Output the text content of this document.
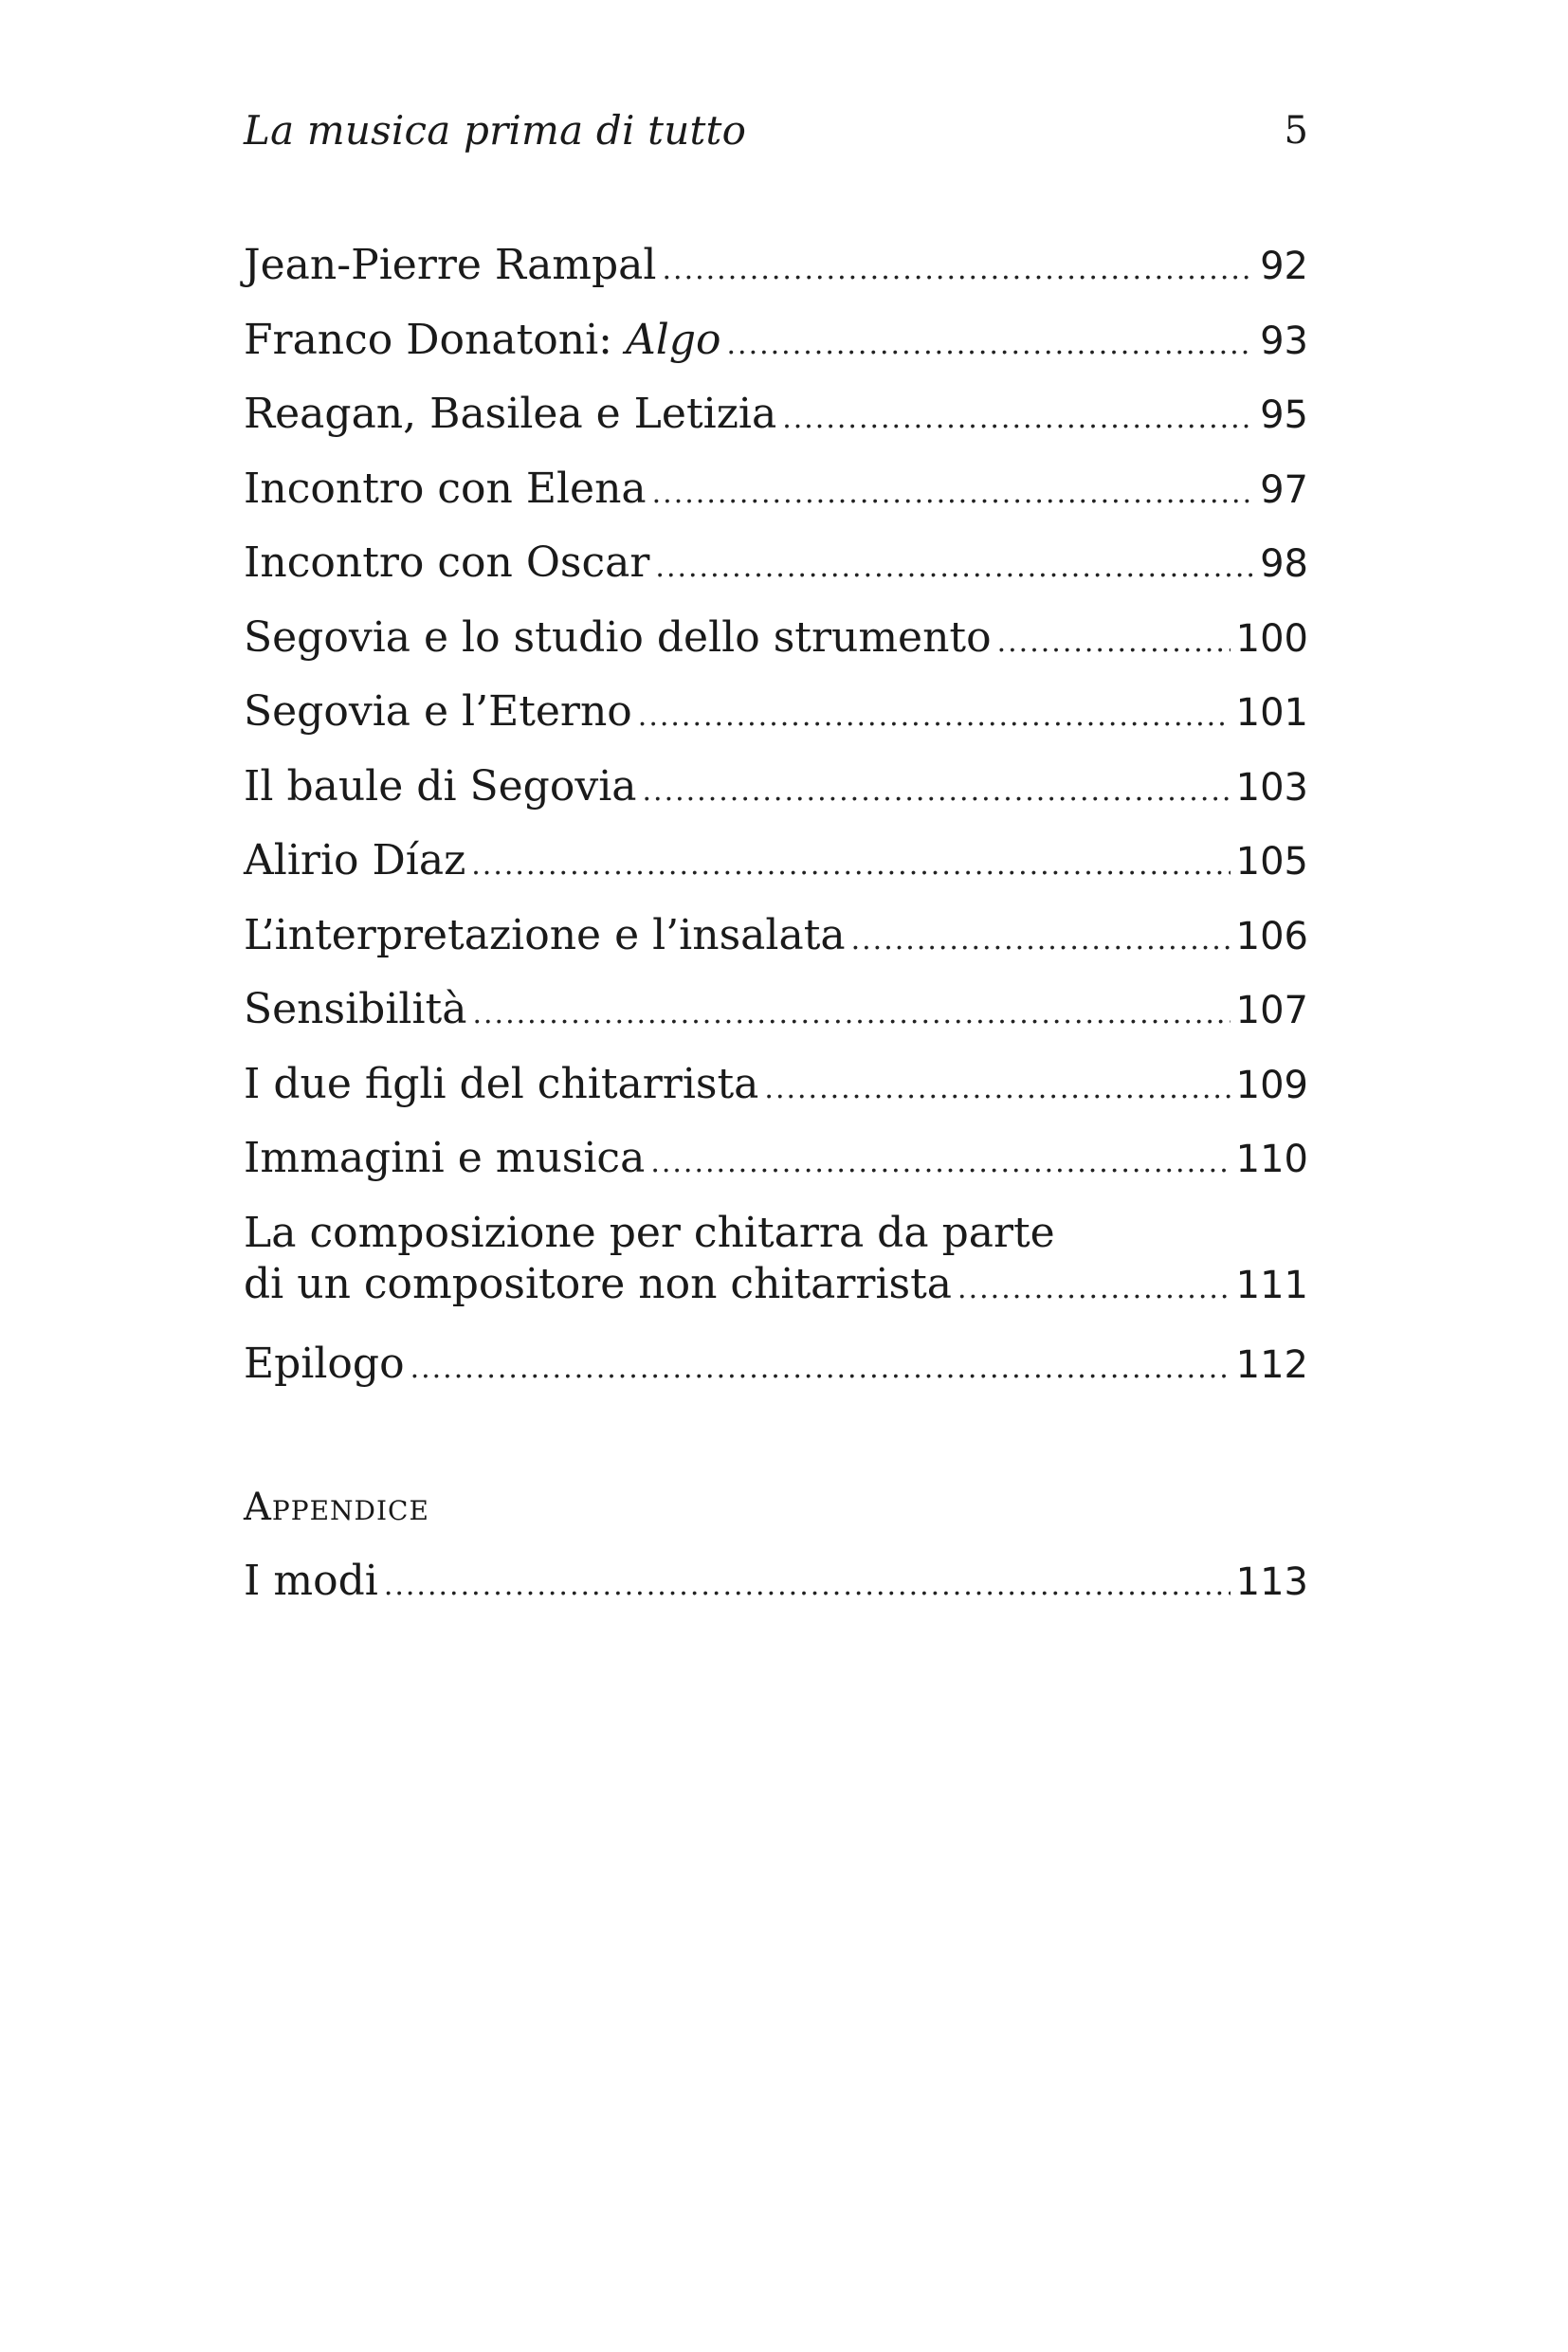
La musica prima di tutto	5
Jean-Pierre Rampal .....	92
Franco Donatoni: Algo .....	93
Reagan, Basilea e Letizia .....	95
Incontro con Elena .....	97
Incontro con Oscar .....	98
Segovia e lo studio dello strumento .....	100
Segovia e l’Eterno .....	101
Il baule di Segovia .....	103
Alirio Díaz .....	105
L’interpretazione e l’insalata .....	106
Sensibilità .....	107
I due figli del chitarrista .....	109
Immagini e musica .....	110
La composizione per chitarra da parte
di un compositore non chitarrista .....	111
Epilogo .....	112
Appendice
I modi .....	113
